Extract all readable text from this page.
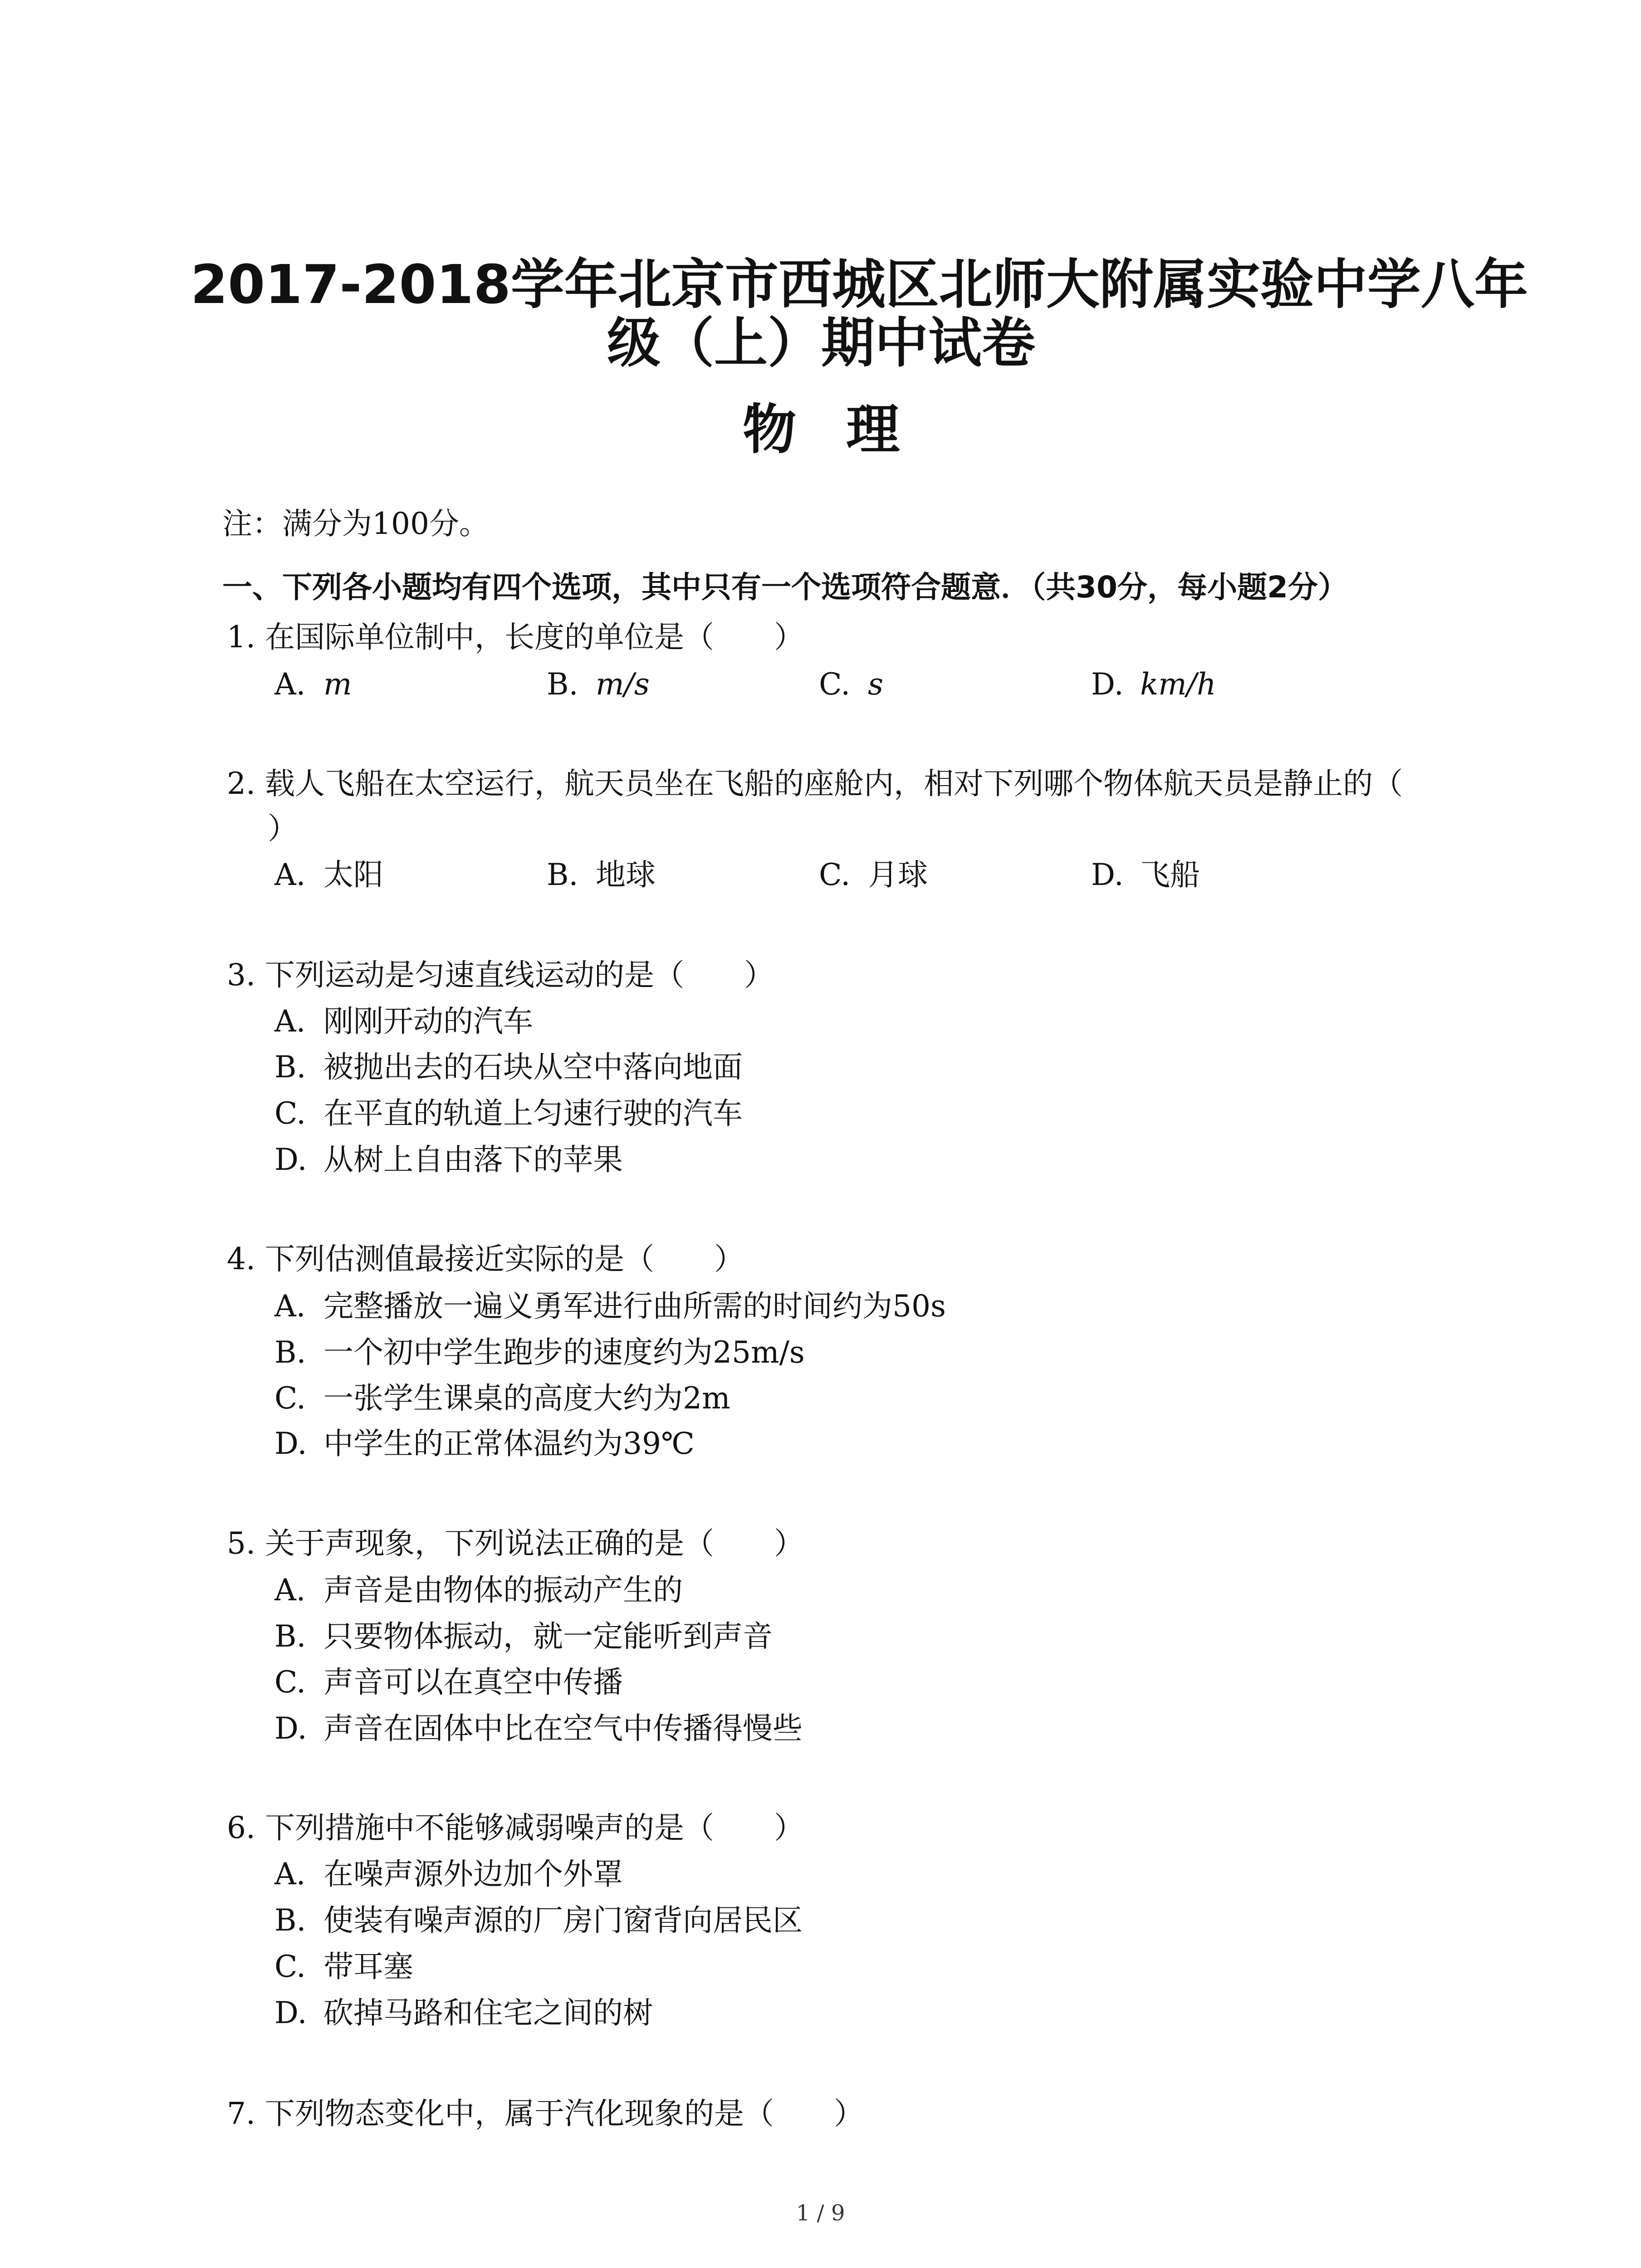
2017-2018学年北京市西城区北师大附属实验中学八年
级（上）期中试卷
物理
注：满分为100分。
一、下列各小题均有四个选项，其中只有一个选项符合题意．（共30分，每小题2分）
1. 在国际单位制中，长度的单位是（　　）
A. m	B. m/s	C. s	D. km/h
2. 载人飞船在太空运行，航天员坐在飞船的座舱内，相对下列哪个物体航天员是静止的（
）
A. 太阳	B. 地球	C. 月球	D. 飞船
3. 下列运动是匀速直线运动的是（　　）
A. 刚刚开动的汽车
B. 被抛出去的石块从空中落向地面
C. 在平直的轨道上匀速行驶的汽车
D. 从树上自由落下的苹果
4. 下列估测值最接近实际的是（　　）
A. 完整播放一遍义勇军进行曲所需的时间约为50s
B. 一个初中学生跑步的速度约为25m/s
C. 一张学生课桌的高度大约为2m
D. 中学生的正常体温约为39℃
5. 关于声现象，下列说法正确的是（　　）
A. 声音是由物体的振动产生的
B. 只要物体振动，就一定能听到声音
C. 声音可以在真空中传播
D. 声音在固体中比在空气中传播得慢些
6. 下列措施中不能够减弱噪声的是（　　）
A. 在噪声源外边加个外罩
B. 使装有噪声源的厂房门窗背向居民区
C. 带耳塞
D. 砍掉马路和住宅之间的树
7. 下列物态变化中，属于汽化现象的是（　　）
1 / 9
